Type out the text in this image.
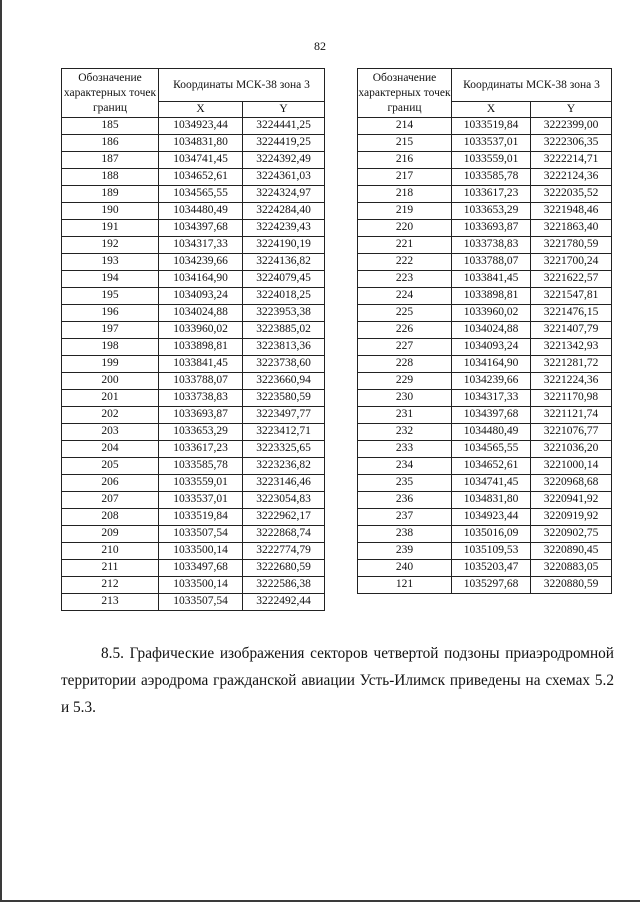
82
Обозначение характерных точек границ	Координаты МСК-38 зона 3	
	X	Y
185	1034923,44	3224441,25
186	1034831,80	3224419,25
187	1034741,45	3224392,49
188	1034652,61	3224361,03
189	1034565,55	3224324,97
190	1034480,49	3224284,40
191	1034397,68	3224239,43
192	1034317,33	3224190,19
193	1034239,66	3224136,82
194	1034164,90	3224079,45
195	1034093,24	3224018,25
196	1034024,88	3223953,38
197	1033960,02	3223885,02
198	1033898,81	3223813,36
199	1033841,45	3223738,60
200	1033788,07	3223660,94
201	1033738,83	3223580,59
202	1033693,87	3223497,77
203	1033653,29	3223412,71
204	1033617,23	3223325,65
205	1033585,78	3223236,82
206	1033559,01	3223146,46
207	1033537,01	3223054,83
208	1033519,84	3222962,17
209	1033507,54	3222868,74
210	1033500,14	3222774,79
211	1033497,68	3222680,59
212	1033500,14	3222586,38
213	1033507,54	3222492,44
Обозначение характерных точек границ	Координаты МСК-38 зона 3	
	X	Y
214	1033519,84	3222399,00
215	1033537,01	3222306,35
216	1033559,01	3222214,71
217	1033585,78	3222124,36
218	1033617,23	3222035,52
219	1033653,29	3221948,46
220	1033693,87	3221863,40
221	1033738,83	3221780,59
222	1033788,07	3221700,24
223	1033841,45	3221622,57
224	1033898,81	3221547,81
225	1033960,02	3221476,15
226	1034024,88	3221407,79
227	1034093,24	3221342,93
228	1034164,90	3221281,72
229	1034239,66	3221224,36
230	1034317,33	3221170,98
231	1034397,68	3221121,74
232	1034480,49	3221076,77
233	1034565,55	3221036,20
234	1034652,61	3221000,14
235	1034741,45	3220968,68
236	1034831,80	3220941,92
237	1034923,44	3220919,92
238	1035016,09	3220902,75
239	1035109,53	3220890,45
240	1035203,47	3220883,05
121	1035297,68	3220880,59
8.5. Графические изображения секторов четвертой подзоны приаэродромной территории аэродрома гражданской авиации Усть-Илимск приведены на схемах 5.2 и 5.3.
